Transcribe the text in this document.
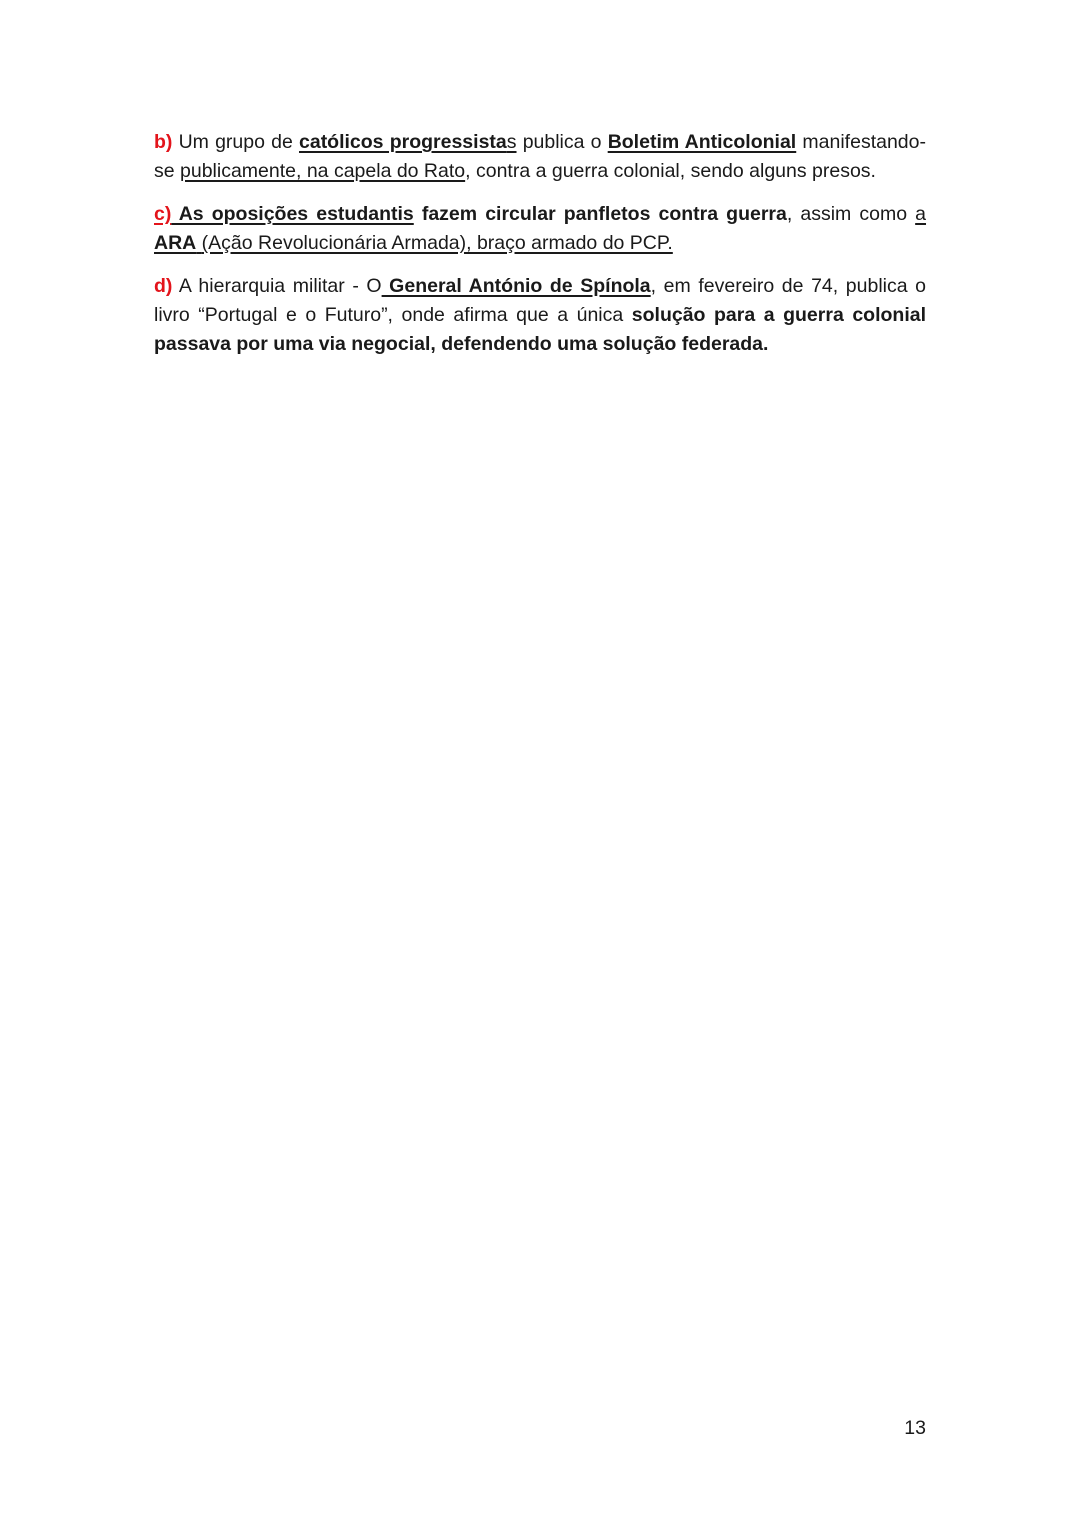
b) Um grupo de católicos progressistas publica o Boletim Anticolonial manifestando-se publicamente, na capela do Rato, contra a guerra colonial, sendo alguns presos.

c) As oposições estudantis fazem circular panfletos contra guerra, assim como a ARA (Ação Revolucionária Armada), braço armado do PCP.

d) A hierarquia militar - O General António de Spínola, em fevereiro de 74, publica o livro “Portugal e o Futuro”, onde afirma que a única solução para a guerra colonial passava por uma via negocial, defendendo uma solução federada.

13
